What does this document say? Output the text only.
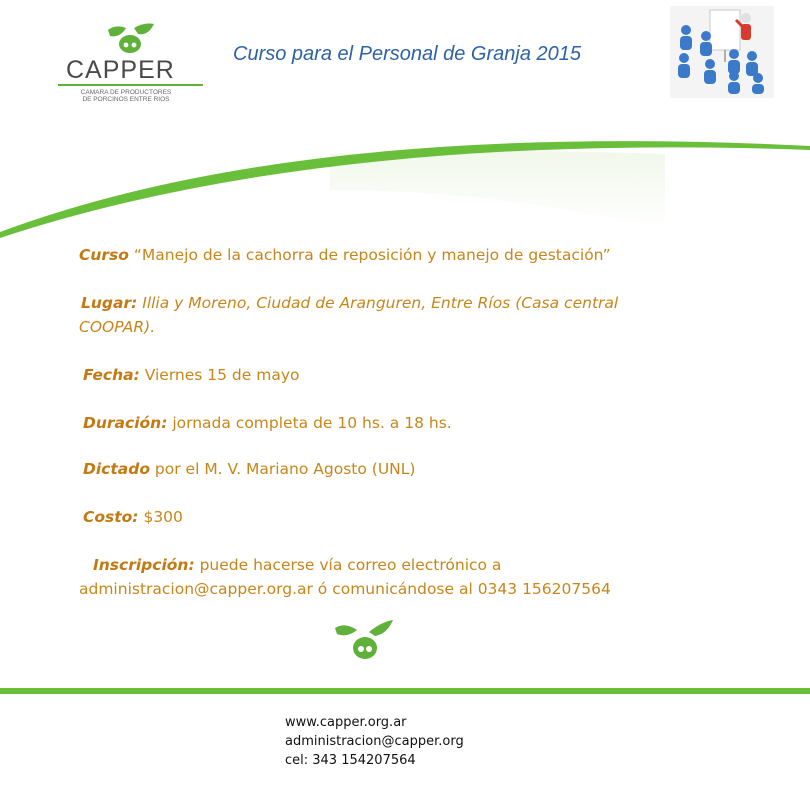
CAPPER
CAMARA DE PRODUCTORES
DE PORCINOS ENTRE RIOS
Curso para el Personal de Granja 2015
Curso “Manejo de la cachorra de reposición y manejo de gestación”
Lugar: Illia y Moreno, Ciudad de Aranguren, Entre Ríos (Casa central
COOPAR).
Fecha: Viernes 15 de mayo
Duración: jornada completa de 10 hs. a 18 hs.
Dictado por el M. V. Mariano Agosto (UNL)
Costo: $300
Inscripción: puede hacerse vía correo electrónico a
administracion@capper.org.ar ó comunicándose al 0343 156207564
www.capper.org.ar
administracion@capper.org
cel: 343 154207564
